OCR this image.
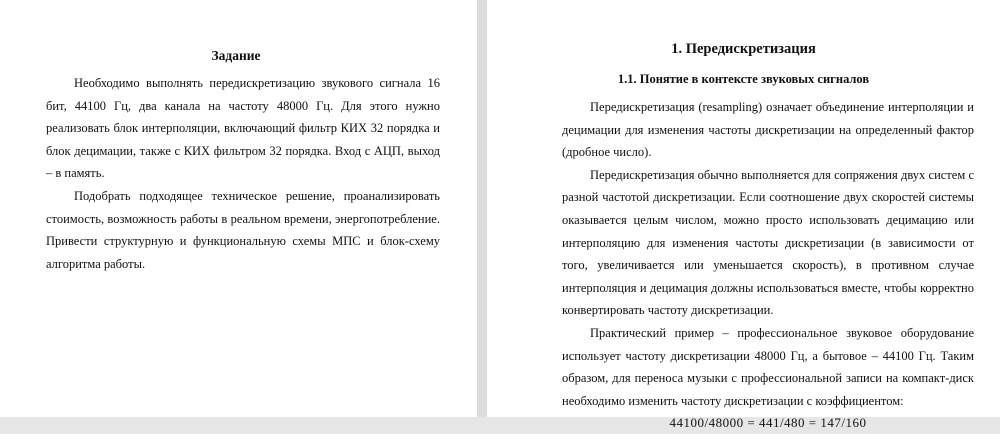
Задание

Необходимо выполнять передискретизацию звукового сигнала 16 бит, 44100 Гц, два канала на частоту 48000 Гц. Для этого нужно реализовать блок интерполяции, включающий фильтр КИХ 32 порядка и блок децимации, также с КИХ фильтром 32 порядка. Вход с АЦП, выход – в память.

Подобрать подходящее техническое решение, проанализировать стоимость, возможность работы в реальном времени, энергопотребление. Привести структурную и функциональную схемы МПС и блок-схему алгоритма работы.

1. Передискретизация
1.1. Понятие в контексте звуковых сигналов

Передискретизация (resampling) означает объединение интерполяции и децимации для изменения частоты дискретизации на определенный фактор (дробное число).

Передискретизация обычно выполняется для сопряжения двух систем с разной частотой дискретизации. Если соотношение двух скоростей системы оказывается целым числом, можно просто использовать децимацию или интерполяцию для изменения частоты дискретизации (в зависимости от того, увеличивается или уменьшается скорость), в противном случае интерполяция и децимация должны использоваться вместе, чтобы корректно конвертировать частоту дискретизации.

Практический пример – профессиональное звуковое оборудование использует частоту дискретизации 48000 Гц, а бытовое – 44100 Гц. Таким образом, для переноса музыки с профессиональной записи на компакт-диск необходимо изменить частоту дискретизации с коэффициентом:

44100/48000 = 441/480 = 147/160
